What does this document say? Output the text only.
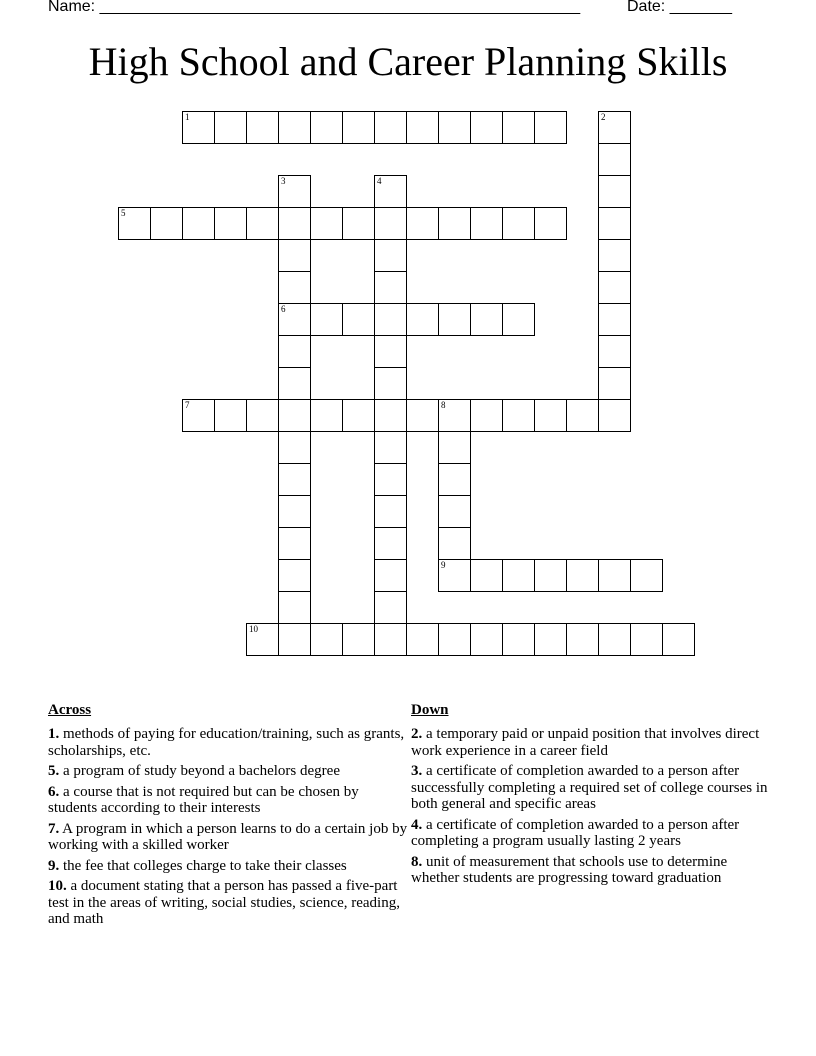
Name: ______________________________________________________	Date: _______
High School and Career Planning Skills
1	2
3
6
4
5
7	8
9
10
Across
1. methods of paying for education/training, such as grants, scholarships, etc.
5. a program of study beyond a bachelors degree
6. a course that is not required but can be chosen by students according to their interests
7. A program in which a person learns to do a certain job by working with a skilled worker
9. the fee that colleges charge to take their classes
10. a document stating that a person has passed a five-part test in the areas of writing, social studies, science, reading, and math
Down
2. a temporary paid or unpaid position that involves direct work experience in a career field
3. a certificate of completion awarded to a person after successfully completing a required set of college courses in both general and specific areas
4. a certificate of completion awarded to a person after completing a program usually lasting 2 years
8. unit of measurement that schools use to determine whether students are progressing toward graduation
